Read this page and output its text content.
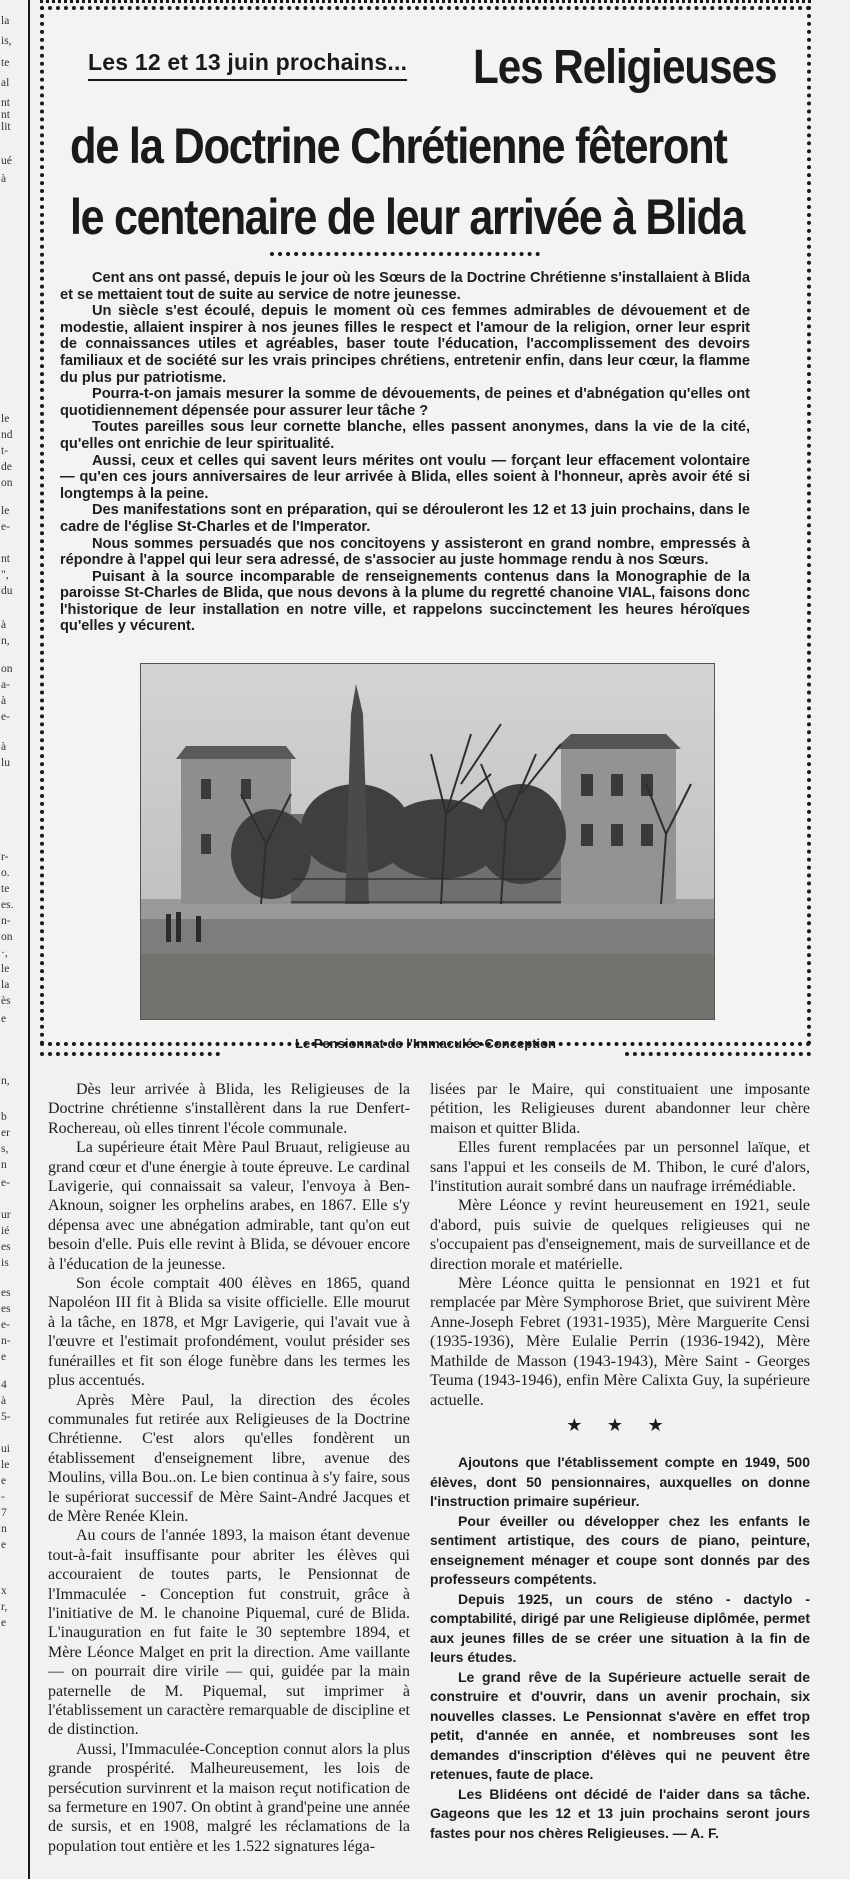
la
is,
te
al
nt
nt
lit
ué
à
le
nd
t-
de
on
le
e-
nt
",
du
à
n,
on
a-
à
e-
à
lu
r-
o.
te
es.
n-
on
·,
le
la
ès
e
n,
b
er
s,
n
e-
ur
ié
es
is
es
es
e-
n-
e
4
à
5-
ui
le
e
-
7
n
e
x
r,
e
Les 12 et 13 juin prochains... Les Religieuses
de la Doctrine Chrétienne fêteront
le centenaire de leur arrivée à Blida

Cent ans ont passé, depuis le jour où les Sœurs de la Doctrine Chrétienne s'installaient à Blida et se mettaient tout de suite au service de notre jeunesse.

Un siècle s'est écoulé, depuis le moment où ces femmes admirables de dévouement et de modestie, allaient inspirer à nos jeunes filles le respect et l'amour de la religion, orner leur esprit de connaissances utiles et agréables, baser toute l'éducation, l'accomplissement des devoirs familiaux et de société sur les vrais principes chrétiens, entretenir enfin, dans leur cœur, la flamme du plus pur patriotisme.

Pourra-t-on jamais mesurer la somme de dévouements, de peines et d'abnégation qu'elles ont quotidiennement dépensée pour assurer leur tâche ?

Toutes pareilles sous leur cornette blanche, elles passent anonymes, dans la vie de la cité, qu'elles ont enrichie de leur spiritualité.

Aussi, ceux et celles qui savent leurs mérites ont voulu — forçant leur effacement volontaire — qu'en ces jours anniversaires de leur arrivée à Blida, elles soient à l'honneur, après avoir été si longtemps à la peine.

Des manifestations sont en préparation, qui se dérouleront les 12 et 13 juin prochains, dans le cadre de l'église St-Charles et de l'Imperator.

Nous sommes persuadés que nos concitoyens y assisteront en grand nombre, empressés à répondre à l'appel qui leur sera adressé, de s'associer au juste hommage rendu à nos Sœurs.

Puisant à la source incomparable de renseignements contenus dans la Monographie de la paroisse St-Charles de Blida, que nous devons à la plume du regretté chanoine VIAL, faisons donc l'historique de leur installation en notre ville, et rappelons succinctement les heures héroïques qu'elles y vécurent.

Le Pensionnat de l'Immaculée-Conception

Dès leur arrivée à Blida, les Religieuses de la Doctrine chrétienne s'installèrent dans la rue Denfert-Rochereau, où elles tinrent l'école communale.

La supérieure était Mère Paul Bruaut, religieuse au grand cœur et d'une énergie à toute épreuve. Le cardinal Lavigerie, qui connaissait sa valeur, l'envoya à Ben-Aknoun, soigner les orphelins arabes, en 1867. Elle s'y dépensa avec une abnégation admirable, tant qu'on eut besoin d'elle. Puis elle revint à Blida, se dévouer encore à l'éducation de la jeunesse.

Son école comptait 400 élèves en 1865, quand Napoléon III fit à Blida sa visite officielle. Elle mourut à la tâche, en 1878, et Mgr Lavigerie, qui l'avait vue à l'œuvre et l'estimait profondément, voulut présider ses funérailles et fit son éloge funèbre dans les termes les plus accentués.

Après Mère Paul, la direction des écoles communales fut retirée aux Religieuses de la Doctrine Chrétienne. C'est alors qu'elles fondèrent un établissement d'enseignement libre, avenue des Moulins, villa Bou..on. Le bien continua à s'y faire, sous le supériorat successif de Mère Saint-André Jacques et de Mère Renée Klein.

Au cours de l'année 1893, la maison étant devenue tout-à-fait insuffisante pour abriter les élèves qui accouraient de toutes parts, le Pensionnat de l'Immaculée - Conception fut construit, grâce à l'initiative de M. le chanoine Piquemal, curé de Blida. L'inauguration en fut faite le 30 septembre 1894, et Mère Léonce Malget en prit la direction. Ame vaillante — on pourrait dire virile — qui, guidée par la main paternelle de M. Piquemal, sut imprimer à l'établissement un caractère remarquable de discipline et de distinction.

Aussi, l'Immaculée-Conception connut alors la plus grande prospérité. Malheureusement, les lois de persécution survinrent et la maison reçut notification de sa fermeture en 1907. On obtint à grand'peine une année de sursis, et en 1908, malgré les réclamations de la population tout entière et les 1.522 signatures léga-

lisées par le Maire, qui constituaient une imposante pétition, les Religieuses durent abandonner leur chère maison et quitter Blida.

Elles furent remplacées par un personnel laïque, et sans l'appui et les conseils de M. Thibon, le curé d'alors, l'institution aurait sombré dans un naufrage irrémédiable.

Mère Léonce y revint heureusement en 1921, seule d'abord, puis suivie de quelques religieuses qui ne s'occupaient pas d'enseignement, mais de surveillance et de direction morale et matérielle.

Mère Léonce quitta le pensionnat en 1921 et fut remplacée par Mère Symphorose Briet, que suivirent Mère Anne-Joseph Febret (1931-1935), Mère Marguerite Censi (1935-1936), Mère Eulalie Perrin (1936-1942), Mère Mathilde de Masson (1943-1943), Mère Saint - Georges Teuma (1943-1946), enfin Mère Calixta Guy, la supérieure actuelle.

★ ★ ★

Ajoutons que l'établissement compte en 1949, 500 élèves, dont 50 pensionnaires, auxquelles on donne l'instruction primaire supérieur.

Pour éveiller ou développer chez les enfants le sentiment artistique, des cours de piano, peinture, enseignement ménager et coupe sont donnés par des professeurs compétents.

Depuis 1925, un cours de sténo - dactylo - comptabilité, dirigé par une Religieuse diplômée, permet aux jeunes filles de se créer une situation à la fin de leurs études.

Le grand rêve de la Supérieure actuelle serait de construire et d'ouvrir, dans un avenir prochain, six nouvelles classes. Le Pensionnat s'avère en effet trop petit, d'année en année, et nombreuses sont les demandes d'inscription d'élèves qui ne peuvent être retenues, faute de place.

Les Blidéens ont décidé de l'aider dans sa tâche. Gageons que les 12 et 13 juin prochains seront jours fastes pour nos chères Religieuses. — A. F.
